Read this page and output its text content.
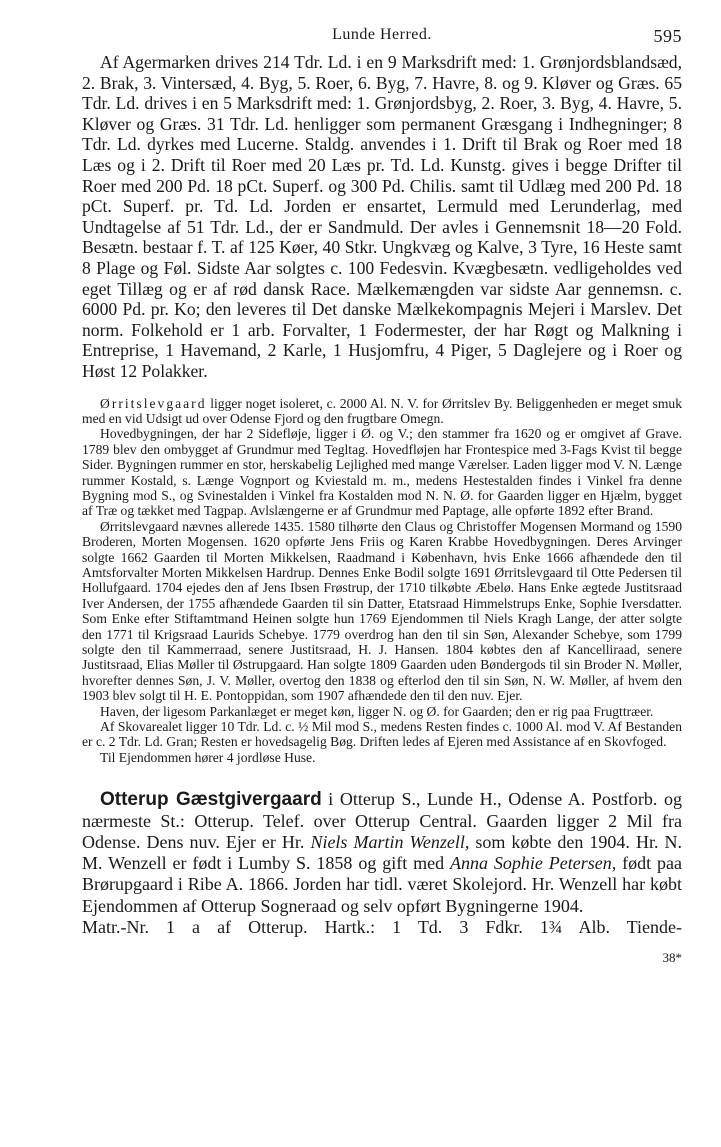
Lunde Herred.	595

Af Agermarken drives 214 Tdr. Ld. i en 9 Marksdrift med: 1. Grønjordsblandsæd, 2. Brak, 3. Vintersæd, 4. Byg, 5. Roer, 6. Byg, 7. Havre, 8. og 9. Kløver og Græs. 65 Tdr. Ld. drives i en 5 Marksdrift med: 1. Grønjordsbyg, 2. Roer, 3. Byg, 4. Havre, 5. Kløver og Græs. 31 Tdr. Ld. henligger som permanent Græsgang i Indhegninger; 8 Tdr. Ld. dyrkes med Lucerne. Staldg. anvendes i 1. Drift til Brak og Roer med 18 Læs og i 2. Drift til Roer med 20 Læs pr. Td. Ld. Kunstg. gives i begge Drifter til Roer med 200 Pd. 18 pCt. Superf. og 300 Pd. Chilis. samt til Udlæg med 200 Pd. 18 pCt. Superf. pr. Td. Ld. Jorden er ensartet, Lermuld med Lerunderlag, med Undtagelse af 51 Tdr. Ld., der er Sandmuld. Der avles i Gennemsnit 18—20 Fold. Besætn. bestaar f. T. af 125 Køer, 40 Stkr. Ungkvæg og Kalve, 3 Tyre, 16 Heste samt 8 Plage og Føl. Sidste Aar solgtes c. 100 Fedesvin. Kvægbesætn. vedligeholdes ved eget Tillæg og er af rød dansk Race. Mælkemængden var sidste Aar gennemsn. c. 6000 Pd. pr. Ko; den leveres til Det danske Mælkekompagnis Mejeri i Marslev. Det norm. Folkehold er 1 arb. Forvalter, 1 Fodermester, der har Røgt og Malkning i Entreprise, 1 Havemand, 2 Karle, 1 Husjomfru, 4 Piger, 5 Daglejere og i Roer og Høst 12 Polakker.

Ørritslevgaard ligger noget isoleret, c. 2000 Al. N. V. for Ørritslev By. Beliggenheden er meget smuk med en vid Udsigt ud over Odense Fjord og den frugtbare Omegn.

Hovedbygningen, der har 2 Sidefløje, ligger i Ø. og V.; den stammer fra 1620 og er omgivet af Grave. 1789 blev den ombygget af Grundmur med Tegltag. Hovedfløjen har Frontespice med 3-Fags Kvist til begge Sider. Bygningen rummer en stor, herskabelig Lejlighed med mange Værelser. Laden ligger mod V. N. Længe rummer Kostald, s. Længe Vognport og Kviestald m. m., medens Hestestalden findes i Vinkel fra denne Bygning mod S., og Svinestalden i Vinkel fra Kostalden mod N. N. Ø. for Gaarden ligger en Hjælm, bygget af Træ og tækket med Tagpap. Avlslængerne er af Grundmur med Paptage, alle opførte 1892 efter Brand.

Ørritslevgaard nævnes allerede 1435. 1580 tilhørte den Claus og Christoffer Mogensen Mormand og 1590 Broderen, Morten Mogensen. 1620 opførte Jens Friis og Karen Krabbe Hovedbygningen. Deres Arvinger solgte 1662 Gaarden til Morten Mikkelsen, Raadmand i København, hvis Enke 1666 afhændede den til Amtsforvalter Morten Mikkelsen Hardrup. Dennes Enke Bodil solgte 1691 Ørritslevgaard til Otte Pedersen til Hollufgaard. 1704 ejedes den af Jens Ibsen Frøstrup, der 1710 tilkøbte Æbelø. Hans Enke ægtede Justitsraad Iver Andersen, der 1755 afhændede Gaarden til sin Datter, Etatsraad Himmelstrups Enke, Sophie Iversdatter. Som Enke efter Stiftamtmand Heinen solgte hun 1769 Ejendommen til Niels Kragh Lange, der atter solgte den 1771 til Krigsraad Laurids Schebye. 1779 overdrog han den til sin Søn, Alexander Schebye, som 1799 solgte den til Kammerraad, senere Justitsraad, H. J. Hansen. 1804 købtes den af Kancelliraad, senere Justitsraad, Elias Møller til Østrupgaard. Han solgte 1809 Gaarden uden Bøndergods til sin Broder N. Møller, hvorefter dennes Søn, J. V. Møller, overtog den 1838 og efterlod den til sin Søn, N. W. Møller, af hvem den 1903 blev solgt til H. E. Pontoppidan, som 1907 afhændede den til den nuv. Ejer.

Haven, der ligesom Parkanlæget er meget køn, ligger N. og Ø. for Gaarden; den er rig paa Frugttræer.

Af Skovarealet ligger 10 Tdr. Ld. c. ½ Mil mod S., medens Resten findes c. 1000 Al. mod V. Af Bestanden er c. 2 Tdr. Ld. Gran; Resten er hovedsagelig Bøg. Driften ledes af Ejeren med Assistance af en Skovfoged.

Til Ejendommen hører 4 jordløse Huse.

Otterup Gæstgivergaard i Otterup S., Lunde H., Odense A. Postforb. og nærmeste St.: Otterup. Telef. over Otterup Central. Gaarden ligger 2 Mil fra Odense. Dens nuv. Ejer er Hr. Niels Martin Wenzell, som købte den 1904. Hr. N. M. Wenzell er født i Lumby S. 1858 og gift med Anna Sophie Petersen, født paa Brørupgaard i Ribe A. 1866. Jorden har tidl. været Skolejord. Hr. Wenzell har købt Ejendommen af Otterup Sogneraad og selv opført Bygningerne 1904.

Matr.-Nr. 1 a af Otterup. Hartk.: 1 Td. 3 Fdkr. 1¾ Alb. Tiende-

38*
